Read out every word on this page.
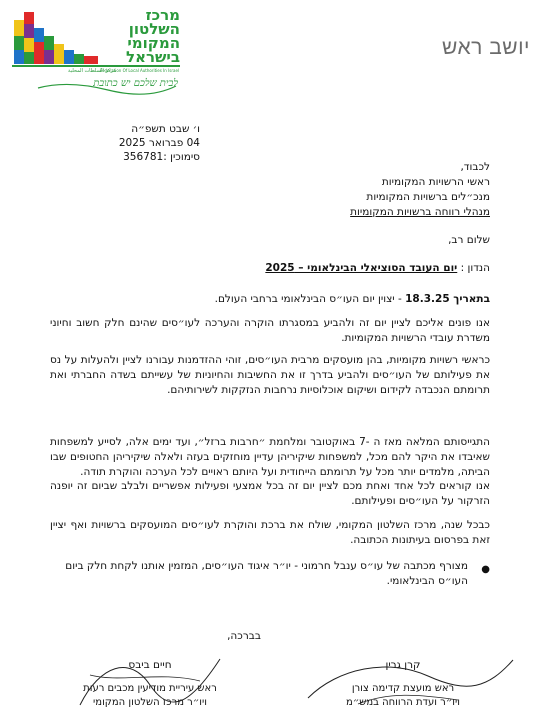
יושב ראש
מרכז
השלטון
המקומי
בישראל
Federation Of Local Authorities In Israel
مركز السلطات المحلية
לבית שלכם יש כתובת
ו׳ שבט תשפ״ה
04 פברואר 2025
סימוכין :356781
לכבוד,
ראשי הרשויות המקומיות
מנכ״לים ברשויות המקומיות
מנהלי רווחה ברשויות המקומיות
שלום רב,
הנדון : יום העובד הסוציאלי הבינלאומי – 2025
בתאריך 18.3.25 - יצוין יום העו״ס הבינלאומי ברחבי העולם.
אנו פונים אליכם לציין יום זה ולהביע במסגרתו הוקרה והערכה לעו״סים שהינם חלק חשוב וחיוני משדרת עובדי הרשויות המקומיות.
כראשי רשויות מקומיות, בהן מועסקים מרבית העו״סים, זוהי ההזדמנות עבורנו לציין ולהעלות על נס את פעילותם של העו״סים ולהביע בדרך זו את החשיבות והחיוניות של עשייתם בשדה החברתי ואת תרומתם הנכבדה לקידום ושיקום אוכלוסיות נרחבות הנזקקות לשירותיהם.
התגייסותם המלאה מאז ה -7 באוקטובר ומלחמת ״חרבות ברזל״, ועד ימים אלה, לסייע למשפחות שאיבדו את היקר להם מכל, למשפחות שיקיריהן עדיין מוחזקים בעזה ולאלה שיקיריהן החטופים שבו הביתה, מלמדים יותר מכל על תרומתם הייחודית ועל היותם ראויים לכל הערכה והוקרת תודה.
אנו קוראים לכל אחד ואחת מכם לציין יום זה בכל אמצעי ופעילות אפשריים ולבלב שביום זה יופנה הזרקור על העו״סים ופעילותם.
כבכל שנה, מרכז השלטון המקומי, שולח את ברכת והוקרת לעו״סים המועסקים ברשויות ואף יציין זאת בפרסום בעיתונות הכתובה.
●
מצורף מכתבה של עו״ס ענבל חרמוני - יו״ר איגוד העו״סים, המזמין אותנו לקחת חלק ביום העו״ס הבינלאומי.
בברכה,
קרן גרין
ראש מועצת קדימה צורן
ויו״ר ועדת הרווחה במש״מ
חיים ביבס
ראש עיריית מודיעין מכבים רעות
ויו״ר מרכז השלטון המקומי
